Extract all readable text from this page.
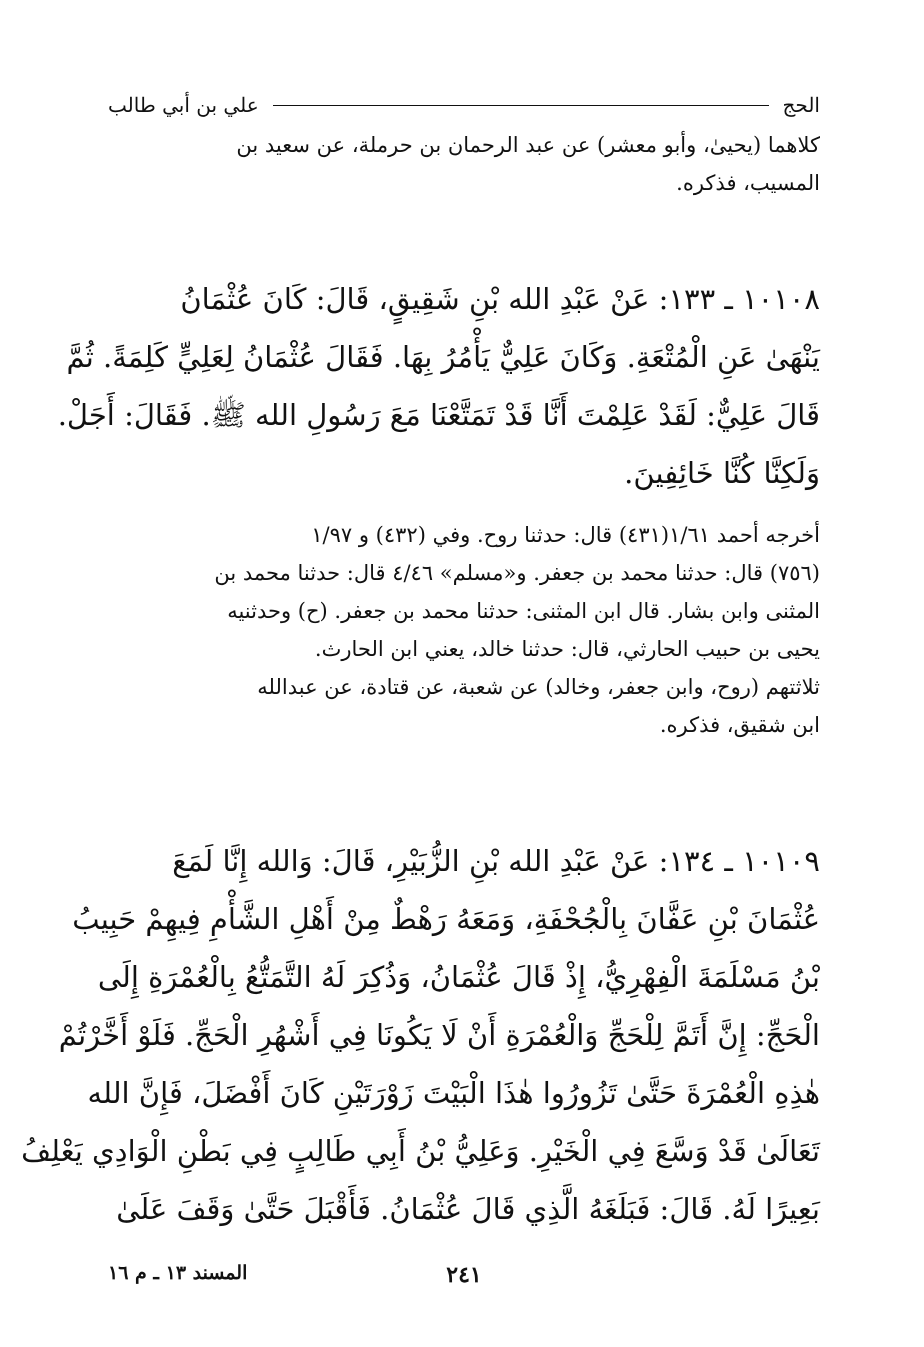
الحج
علي بن أبي طالب
كلاهما (يحيىٰ، وأبو معشر) عن عبد الرحمان بن حرملة، عن سعيد بن
المسيب، فذكره.
١٠١٠٨ ـ ١٣٣: عَنْ عَبْدِ الله بْنِ شَقِيقٍ، قَالَ: كَانَ عُثْمَانُ
يَنْهَىٰ عَنِ الْمُتْعَةِ. وَكَانَ عَلِيٌّ يَأْمُرُ بِهَا. فَقَالَ عُثْمَانُ لِعَلِيٍّ كَلِمَةً. ثُمَّ
قَالَ عَلِيٌّ: لَقَدْ عَلِمْتَ أَنَّا قَدْ تَمَتَّعْنَا مَعَ رَسُولِ الله ﷺ. فَقَالَ: أَجَلْ.
وَلَكِنَّا كُنَّا خَائِفِينَ.
أخرجه أحمد ١/٦١(٤٣١) قال: حدثنا روح. وفي (٤٣٢) و ١/٩٧
(٧٥٦) قال: حدثنا محمد بن جعفر. و«مسلم» ٤/٤٦ قال: حدثنا محمد بن
المثنى وابن بشار. قال ابن المثنى: حدثنا محمد بن جعفر. (ح) وحدثنيه
يحيى بن حبيب الحارثي، قال: حدثنا خالد، يعني ابن الحارث.
ثلاثتهم (روح، وابن جعفر، وخالد) عن شعبة، عن قتادة، عن عبدالله
ابن شقيق، فذكره.
١٠١٠٩ ـ ١٣٤: عَنْ عَبْدِ الله بْنِ الزُّبَيْرِ، قَالَ: وَالله إِنَّا لَمَعَ
عُثْمَانَ بْنِ عَفَّانَ بِالْجُحْفَةِ، وَمَعَهُ رَهْطٌ مِنْ أَهْلِ الشَّأْمِ فِيهِمْ حَبِيبُ
بْنُ مَسْلَمَةَ الْفِهْرِيُّ، إِذْ قَالَ عُثْمَانُ، وَذُكِرَ لَهُ التَّمَتُّعُ بِالْعُمْرَةِ إِلَى
الْحَجِّ: إِنَّ أَتَمَّ لِلْحَجِّ وَالْعُمْرَةِ أَنْ لَا يَكُونَا فِي أَشْهُرِ الْحَجِّ. فَلَوْ أَخَّرْتُمْ
هٰذِهِ الْعُمْرَةَ حَتَّىٰ تَزُورُوا هٰذَا الْبَيْتَ زَوْرَتَيْنِ كَانَ أَفْضَلَ، فَإِنَّ الله
تَعَالَىٰ قَدْ وَسَّعَ فِي الْخَيْرِ. وَعَلِيُّ بْنُ أَبِي طَالِبٍ فِي بَطْنِ الْوَادِي يَعْلِفُ
بَعِيرًا لَهُ. قَالَ: فَبَلَغَهُ الَّذِي قَالَ عُثْمَانُ. فَأَقْبَلَ حَتَّىٰ وَقَفَ عَلَىٰ
٢٤١
المسند ١٣ ـ م ١٦
